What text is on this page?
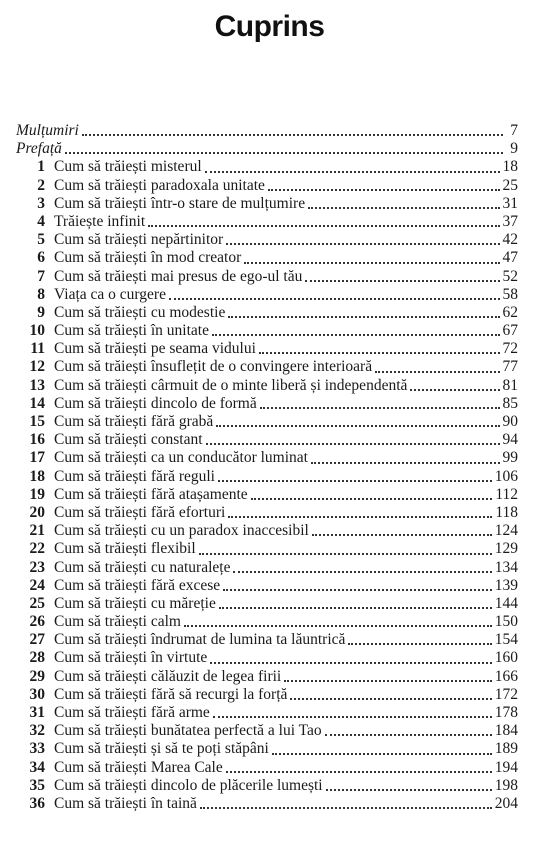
Cuprins
Mulțumiri	7
Prefață	9
1 Cum să trăiești misterul	18
2 Cum să trăiești paradoxala unitate	25
3 Cum să trăiești într-o stare de mulțumire	31
4 Trăiește infinit	37
5 Cum să trăiești nepărtinitor	42
6 Cum să trăiești în mod creator	47
7 Cum să trăiești mai presus de ego-ul tău	52
8 Viața ca o curgere	58
9 Cum să trăiești cu modestie	62
10 Cum să trăiești în unitate	67
11 Cum să trăiești pe seama vidului	72
12 Cum să trăiești însuflețit de o convingere interioară	77
13 Cum să trăiești cârmuit de o minte liberă și independentă	81
14 Cum să trăiești dincolo de formă	85
15 Cum să trăiești fără grabă	90
16 Cum să trăiești constant	94
17 Cum să trăiești ca un conducător luminat	99
18 Cum să trăiești fără reguli	106
19 Cum să trăiești fără atașamente	112
20 Cum să trăiești fără eforturi	118
21 Cum să trăiești cu un paradox inaccesibil	124
22 Cum să trăiești flexibil	129
23 Cum să trăiești cu naturalețe	134
24 Cum să trăiești fără excese	139
25 Cum să trăiești cu măreție	144
26 Cum să trăiești calm	150
27 Cum să trăiești îndrumat de lumina ta lăuntrică	154
28 Cum să trăiești în virtute	160
29 Cum să trăiești călăuzit de legea firii	166
30 Cum să trăiești fără să recurgi la forță	172
31 Cum să trăiești fără arme	178
32 Cum să trăiești bunătatea perfectă a lui Tao	184
33 Cum să trăiești și să te poți stăpâni	189
34 Cum să trăiești Marea Cale	194
35 Cum să trăiești dincolo de plăcerile lumești	198
36 Cum să trăiești în taină	204
